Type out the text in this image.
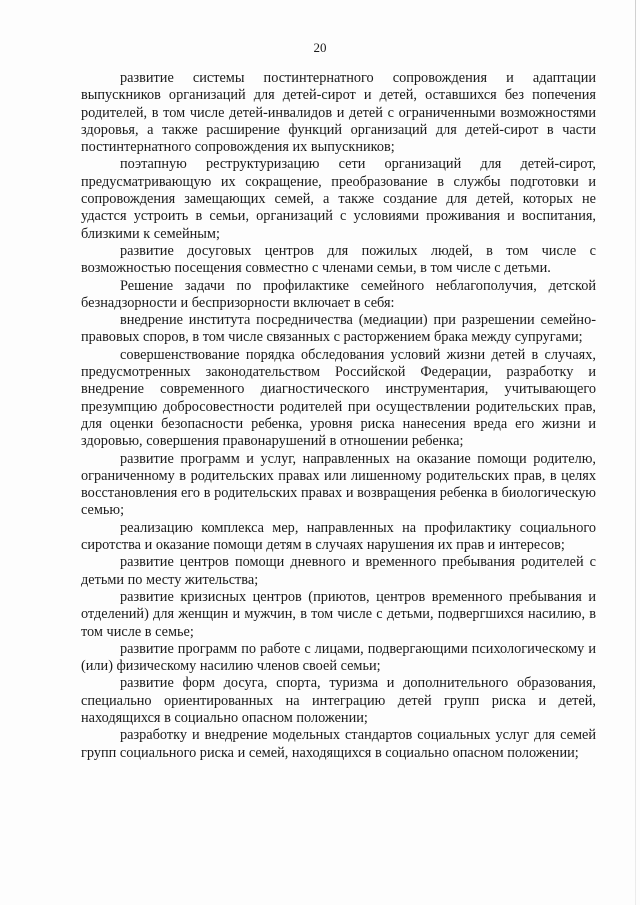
20

развитие системы постинтернатного сопровождения и адаптации выпускников организаций для детей-сирот и детей, оставшихся без попечения родителей, в том числе детей-инвалидов и детей с ограниченными возможностями здоровья, а также расширение функций организаций для детей-сирот в части постинтернатного сопровождения их выпускников;

поэтапную реструктуризацию сети организаций для детей-сирот, предусматривающую их сокращение, преобразование в службы подготовки и сопровождения замещающих семей, а также создание для детей, которых не удастся устроить в семьи, организаций с условиями проживания и воспитания, близкими к семейным;

развитие досуговых центров для пожилых людей, в том числе с возможностью посещения совместно с членами семьи, в том числе с детьми.

Решение задачи по профилактике семейного неблагополучия, детской безнадзорности и беспризорности включает в себя:

внедрение института посредничества (медиации) при разрешении семейно-правовых споров, в том числе связанных с расторжением брака между супругами;

совершенствование порядка обследования условий жизни детей в случаях, предусмотренных законодательством Российской Федерации, разработку и внедрение современного диагностического инструментария, учитывающего презумпцию добросовестности родителей при осуществлении родительских прав, для оценки безопасности ребенка, уровня риска нанесения вреда его жизни и здоровью, совершения правонарушений в отношении ребенка;

развитие программ и услуг, направленных на оказание помощи родителю, ограниченному в родительских правах или лишенному родительских прав, в целях восстановления его в родительских правах и возвращения ребенка в биологическую семью;

реализацию комплекса мер, направленных на профилактику социального сиротства и оказание помощи детям в случаях нарушения их прав и интересов;

развитие центров помощи дневного и временного пребывания родителей с детьми по месту жительства;

развитие кризисных центров (приютов, центров временного пребывания и отделений) для женщин и мужчин, в том числе с детьми, подвергшихся насилию, в том числе в семье;

развитие программ по работе с лицами, подвергающими психологическому и (или) физическому насилию членов своей семьи;

развитие форм досуга, спорта, туризма и дополнительного образования, специально ориентированных на интеграцию детей групп риска и детей, находящихся в социально опасном положении;

разработку и внедрение модельных стандартов социальных услуг для семей групп социального риска и семей, находящихся в социально опасном положении;
